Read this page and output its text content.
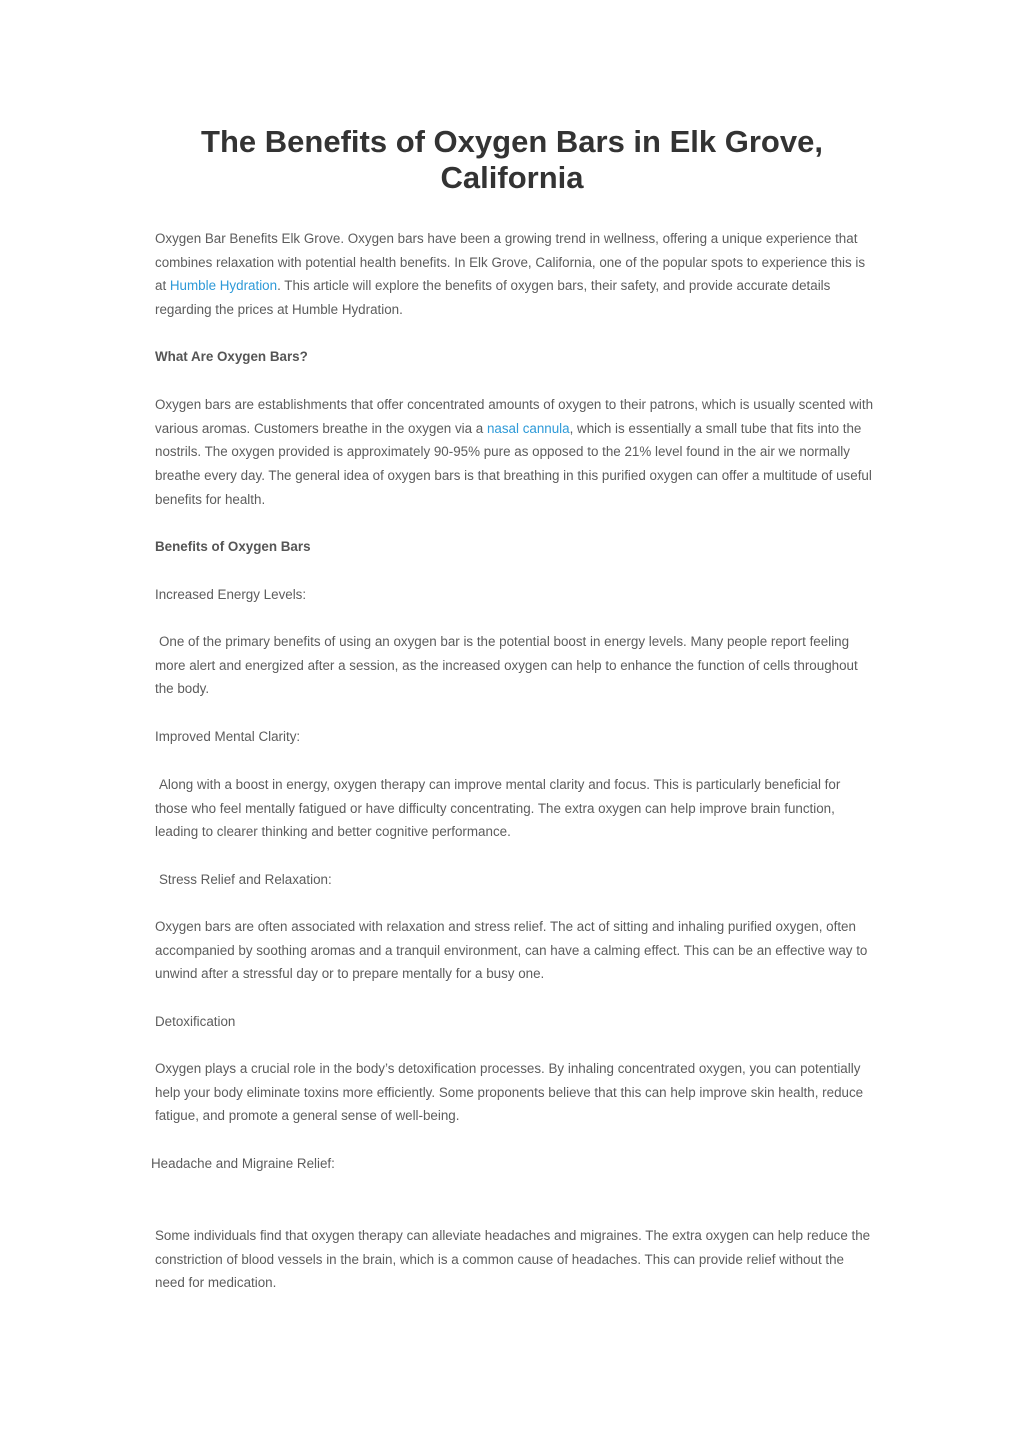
The Benefits of Oxygen Bars in Elk Grove, California

Oxygen Bar Benefits Elk Grove. Oxygen bars have been a growing trend in wellness, offering a unique experience that combines relaxation with potential health benefits. In Elk Grove, California, one of the popular spots to experience this is at Humble Hydration. This article will explore the benefits of oxygen bars, their safety, and provide accurate details regarding the prices at Humble Hydration.

What Are Oxygen Bars?

Oxygen bars are establishments that offer concentrated amounts of oxygen to their patrons, which is usually scented with various aromas. Customers breathe in the oxygen via a nasal cannula, which is essentially a small tube that fits into the nostrils. The oxygen provided is approximately 90-95% pure as opposed to the 21% level found in the air we normally breathe every day. The general idea of oxygen bars is that breathing in this purified oxygen can offer a multitude of useful benefits for health.

Benefits of Oxygen Bars

Increased Energy Levels:

One of the primary benefits of using an oxygen bar is the potential boost in energy levels. Many people report feeling more alert and energized after a session, as the increased oxygen can help to enhance the function of cells throughout the body.

Improved Mental Clarity:

Along with a boost in energy, oxygen therapy can improve mental clarity and focus. This is particularly beneficial for those who feel mentally fatigued or have difficulty concentrating. The extra oxygen can help improve brain function, leading to clearer thinking and better cognitive performance.

Stress Relief and Relaxation:

Oxygen bars are often associated with relaxation and stress relief. The act of sitting and inhaling purified oxygen, often accompanied by soothing aromas and a tranquil environment, can have a calming effect. This can be an effective way to unwind after a stressful day or to prepare mentally for a busy one.

Detoxification

Oxygen plays a crucial role in the body’s detoxification processes. By inhaling concentrated oxygen, you can potentially help your body eliminate toxins more efficiently. Some proponents believe that this can help improve skin health, reduce fatigue, and promote a general sense of well-being.

Headache and Migraine Relief:

Some individuals find that oxygen therapy can alleviate headaches and migraines. The extra oxygen can help reduce the constriction of blood vessels in the brain, which is a common cause of headaches. This can provide relief without the need for medication.
